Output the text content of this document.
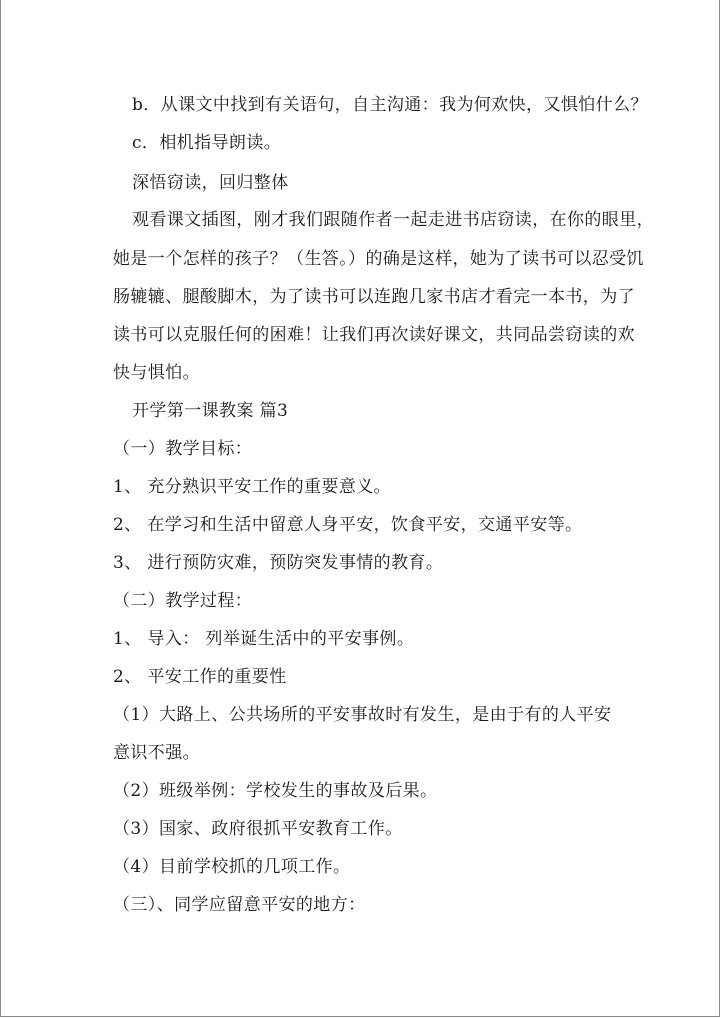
b．从课文中找到有关语句，自主沟通：我为何欢快，又惧怕什么？
c．相机指导朗读。
深悟窃读，回归整体
观看课文插图，刚才我们跟随作者一起走进书店窃读，在你的眼里，
她是一个怎样的孩子？（生答。）的确是这样，她为了读书可以忍受饥
肠辘辘、腿酸脚木，为了读书可以连跑几家书店才看完一本书，为了
读书可以克服任何的困难！让我们再次读好课文，共同品尝窃读的欢
快与惧怕。
开学第一课教案 篇3
（一）教学目标：
1、 充分熟识平安工作的重要意义。
2、 在学习和生活中留意人身平安，饮食平安，交通平安等。
3、 进行预防灾难，预防突发事情的教育。
（二）教学过程：
1、 导入： 列举诞生活中的平安事例。
2、 平安工作的重要性
（1）大路上、公共场所的平安事故时有发生，是由于有的人平安
意识不强。
（2）班级举例：学校发生的事故及后果。
（3）国家、政府很抓平安教育工作。
（4）目前学校抓的几项工作。
（三）、同学应留意平安的地方：
